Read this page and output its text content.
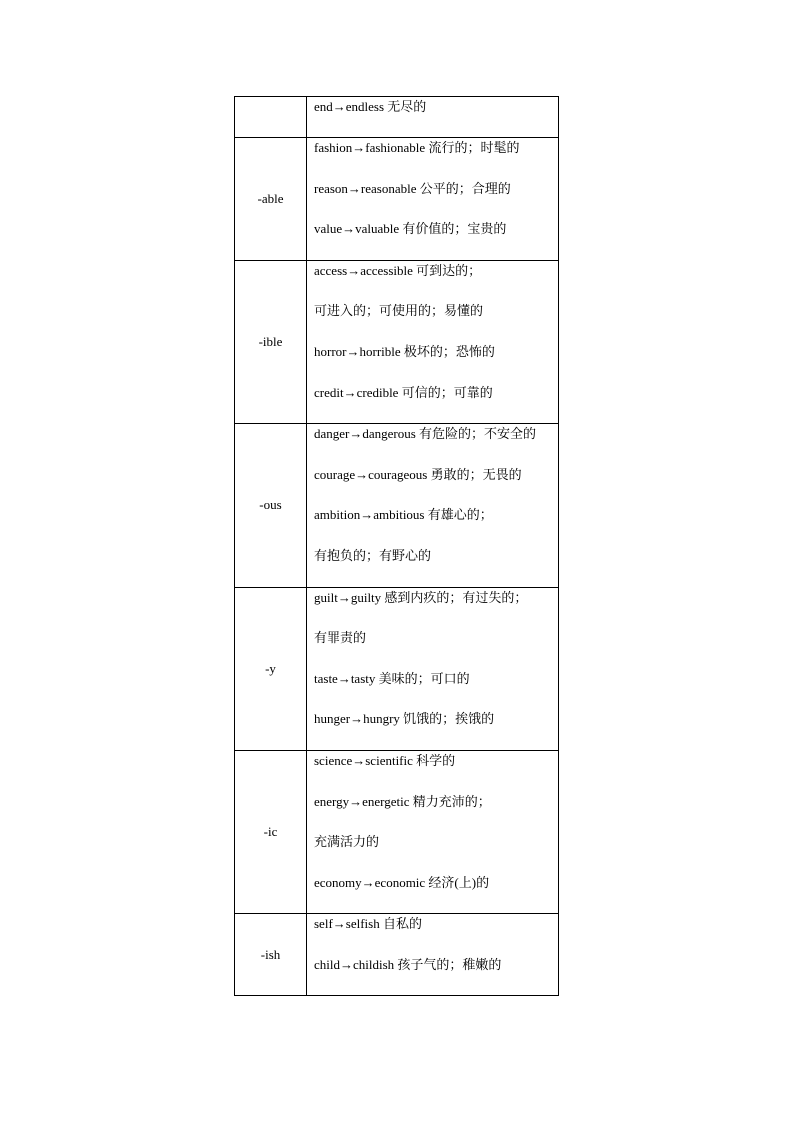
	end→endless 无尽的

-able	fashion→fashionable 流行的；时髦的
reason→reasonable 公平的；合理的
value→valuable 有价值的；宝贵的

-ible	access→accessible 可到达的；
可进入的；可使用的；易懂的
horror→horrible 极坏的；恐怖的
credit→credible 可信的；可靠的

-ous	danger→dangerous 有危险的；不安全的
courage→courageous 勇敢的；无畏的
ambition→ambitious 有雄心的；
有抱负的；有野心的

-y	guilt→guilty 感到内疚的；有过失的；
有罪责的
taste→tasty 美味的；可口的
hunger→hungry 饥饿的；挨饿的

-ic	science→scientific 科学的
energy→energetic 精力充沛的；
充满活力的
economy→economic 经济(上)的

-ish	self→selfish 自私的
child→childish 孩子气的；稚嫩的
